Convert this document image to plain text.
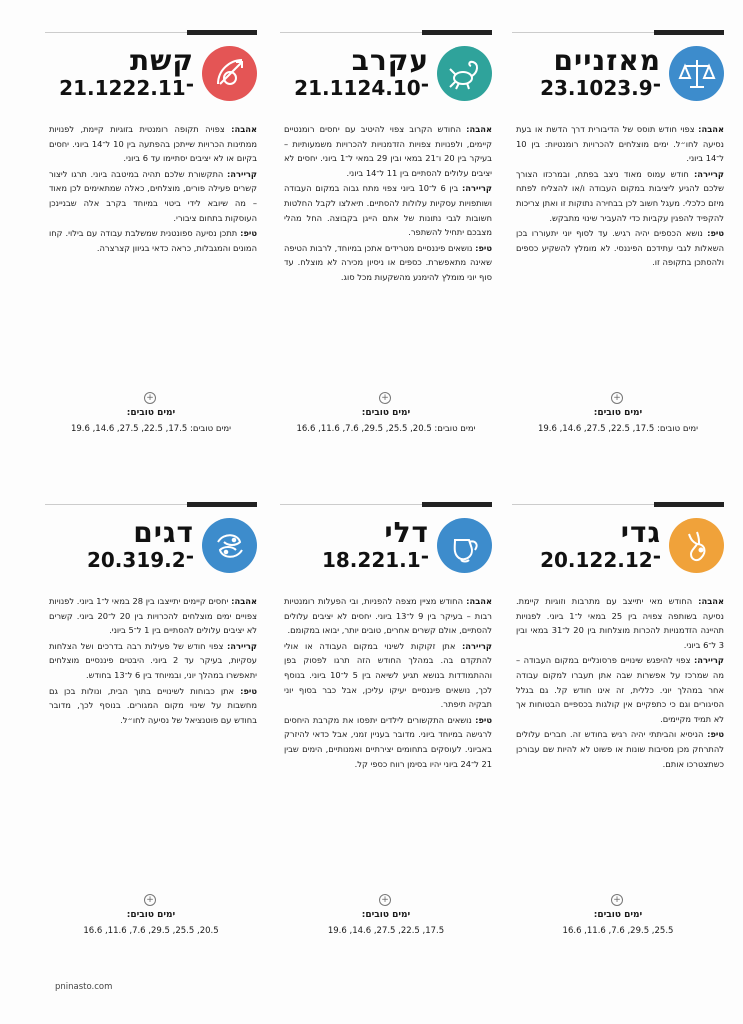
מאזניים
23.10־23.9

אהבה: צפוי חודש תוסס של הדיבורית דרך הדשת או בעת נסיעה לחו״ל. ימים מוצלחים להכרויות רומנטיות: בין 10 ל־14 ביוני.

קריירה: חודש עמוס מאוד ניצב בפתח, ובמרכזו הצורך שלכם להגיע ליציבות במקום העבודה ו/או להצליח לפתח מיזם כלכלי. מעגל חשוב לכן בבחירה נתוקות זו ואתן צריכות להקפיד להפגין עקביות כדי להעביר שינוי מתבקש.

טיפ: נושא הכספים יהיה רגיש. עד לסוף יוני יתעוררו בכן השאלות לגבי עתידכם הפיננסי. לא מומלץ להשקיע כספים ולהסתכן בתקופה זו.

+
ימים טובים:
ימים טובים: 17.5, 22.5, 27.5, 14.6, 19.6
עקרב
21.11־24.10

אהבה: החודש הקרוב צפוי להיטיב עם יחסים רומנטיים קיימים, ולפנויות צפויות הזדמנויות להכרויות משמעותיות – בעיקר בין 20 ו־21 במאי ובין 29 במאי ל־1 ביוני. יחסים לא יציבים עלולים להסתיים בין 11 ל־14 ביוני.

קריירה: בין 6 ל־10 ביוני צפוי מתח גבוה במקום העבודה ושותפויות עסקיות עלולות להסתיים. תיאלצו לקבל החלטות חשובות לגבי נתונות של אתם הייגן בקבוצה. החל מהלי מצבכם יתחיל להשתפר.

טיפ: נושאים פיננסיים מטרידים אתכן במיוחד, לרבות הטיפה שאינה מתאפשרת. כספים או ניסיון מכירה לא מוצלח. עד סוף יוני מומלץ להימנע מהשקעות מכל סוג.

+
ימים טובים:
ימים טובים: 20.5, 25.5, 29.5, 7.6, 11.6, 16.6
קשת
21.12־22.11

אהבה: צפויה תקופה רומנטית בזוגיות קיימת, לפנויות ממתינות הכרויות שייתכן בהפתעה בין 10 ל־14 ביוני. יחסים בקיום או לא יציבים יסתיימו עד 6 ביוני.

קריירה: התקשורת שלכם תהיה במיטבה ביוני. תרגו ליצור קשרים פעילה פורים, מוצלחים, כאלה שמתאימים לכן מאוד – מה שיובא לידי ביטוי במיוחד בקרב אלה שבניינכן העוסקות בתחום ציבורי.

טיפ: תתכן נסיעה ספונטנית שמשלבת עבודה עם בילוי. קחו המונים והמגבלות, כראה כדאי בגיוון קצרצרה.

+
ימים טובים:
ימים טובים: 17.5, 22.5, 27.5, 14.6, 19.6
גדי
20.1־22.12

אהבה: החודש מאי יתייצב עם מתרבות וזוגיות קיימת. נסיעה בשותפה צפויה בין 25 במאי ל־1 ביוני. לפנויות תהיינה הזדמנויות להכרות מוצלחות בין 20 ל־31 במאי ובין 3 ל־6 ביוני.

קריירה: צפוי להיפגש שינויים פרסונליים במקום העבודה – מה שמרכז על אפשרות שבה אתן תעברו למקום עבודה אחר במהלך יוני. כללית, זה אינו חודש קל. גם בגלל הסיגורים וגם כי כתפקיים אין קולגות בכספיים הבטוחות אך לא תמיד מקיימים.

טיפ: הניסיא והביתתי יהיה רגיש בחודש זה. חברים עלולים להתרחק מכן מסיבות שונות או פשוט לא להיות שם עבורכן כשתצטרכו אותם.

+
ימים טובים:
25.5, 29.5, 7.6, 11.6, 16.6
דלי
18.2־21.1

אהבה: החודש מציין מצפה להפניות, ובי הפעלות רומנטיות רבות – בעיקר בין 9 ל־13 ביוני. יחסים לא יציבים עלולים להסתיים, אולם קשרים אחרים, טובים יותר, יבואו במקומם.

קריירה: אתן זקוקות לשינוי במקום העבודה או אולי להתקדם בה. במהלך החודש הזה תרגו לפסוק בפן וההתמודדות בנושא תגיע לשיאה בין 5 ל־10 ביוני. בנוסף לכך, נושאים פיננסיים יעיקו עליכן, אבל כבר בסוף יוני תבקיה תיפתר.

טיפ: נושאים התקשורים לילדים יתפסו את מקרבת היחסים לרגישה במיוחד ביוני. מדובר בעניין זמני, אבל כדאי להיזרק באביוני. לעוסקים בתחומים יצירתיים ואמנותיים, הימים שבין 21 ל־24 ביוני יהיו בסימן רווח כספי קל.

+
ימים טובים:
17.5, 22.5, 27.5, 14.6, 19.6
דגים
20.3־19.2

אהבה: יחסים קיימים יתייצבו בין 28 במאי ל־1 ביוני. לפנויות צפויים ימים מוצלחים להכרויות בין 20 ל־20 ביוני. קשרים לא יציבים עלולים להסתיים בין 1 ל־5 ביוני.

קריירה: צפוי חודש של פעילות רבה בדרכים ושל הצלחות עסקיות, בעיקר עד 2 ביוני. היבטים פיננסיים מוצלחים יתאפשרו במהלך יוני, ובמיוחד בין 6 ל־13 בחודש.

טיפ: אתן כבוחות לשינויים בתוך הבית, ונולות בכן גם מחשבות על שינוי מקום המגורים. בנוסף לכך, מדובר בחודש עם פוטנציאל של נסיעה לחו״ל.

+
ימים טובים:
20.5, 25.5, 29.5, 7.6, 11.6, 16.6
pninasto.com
